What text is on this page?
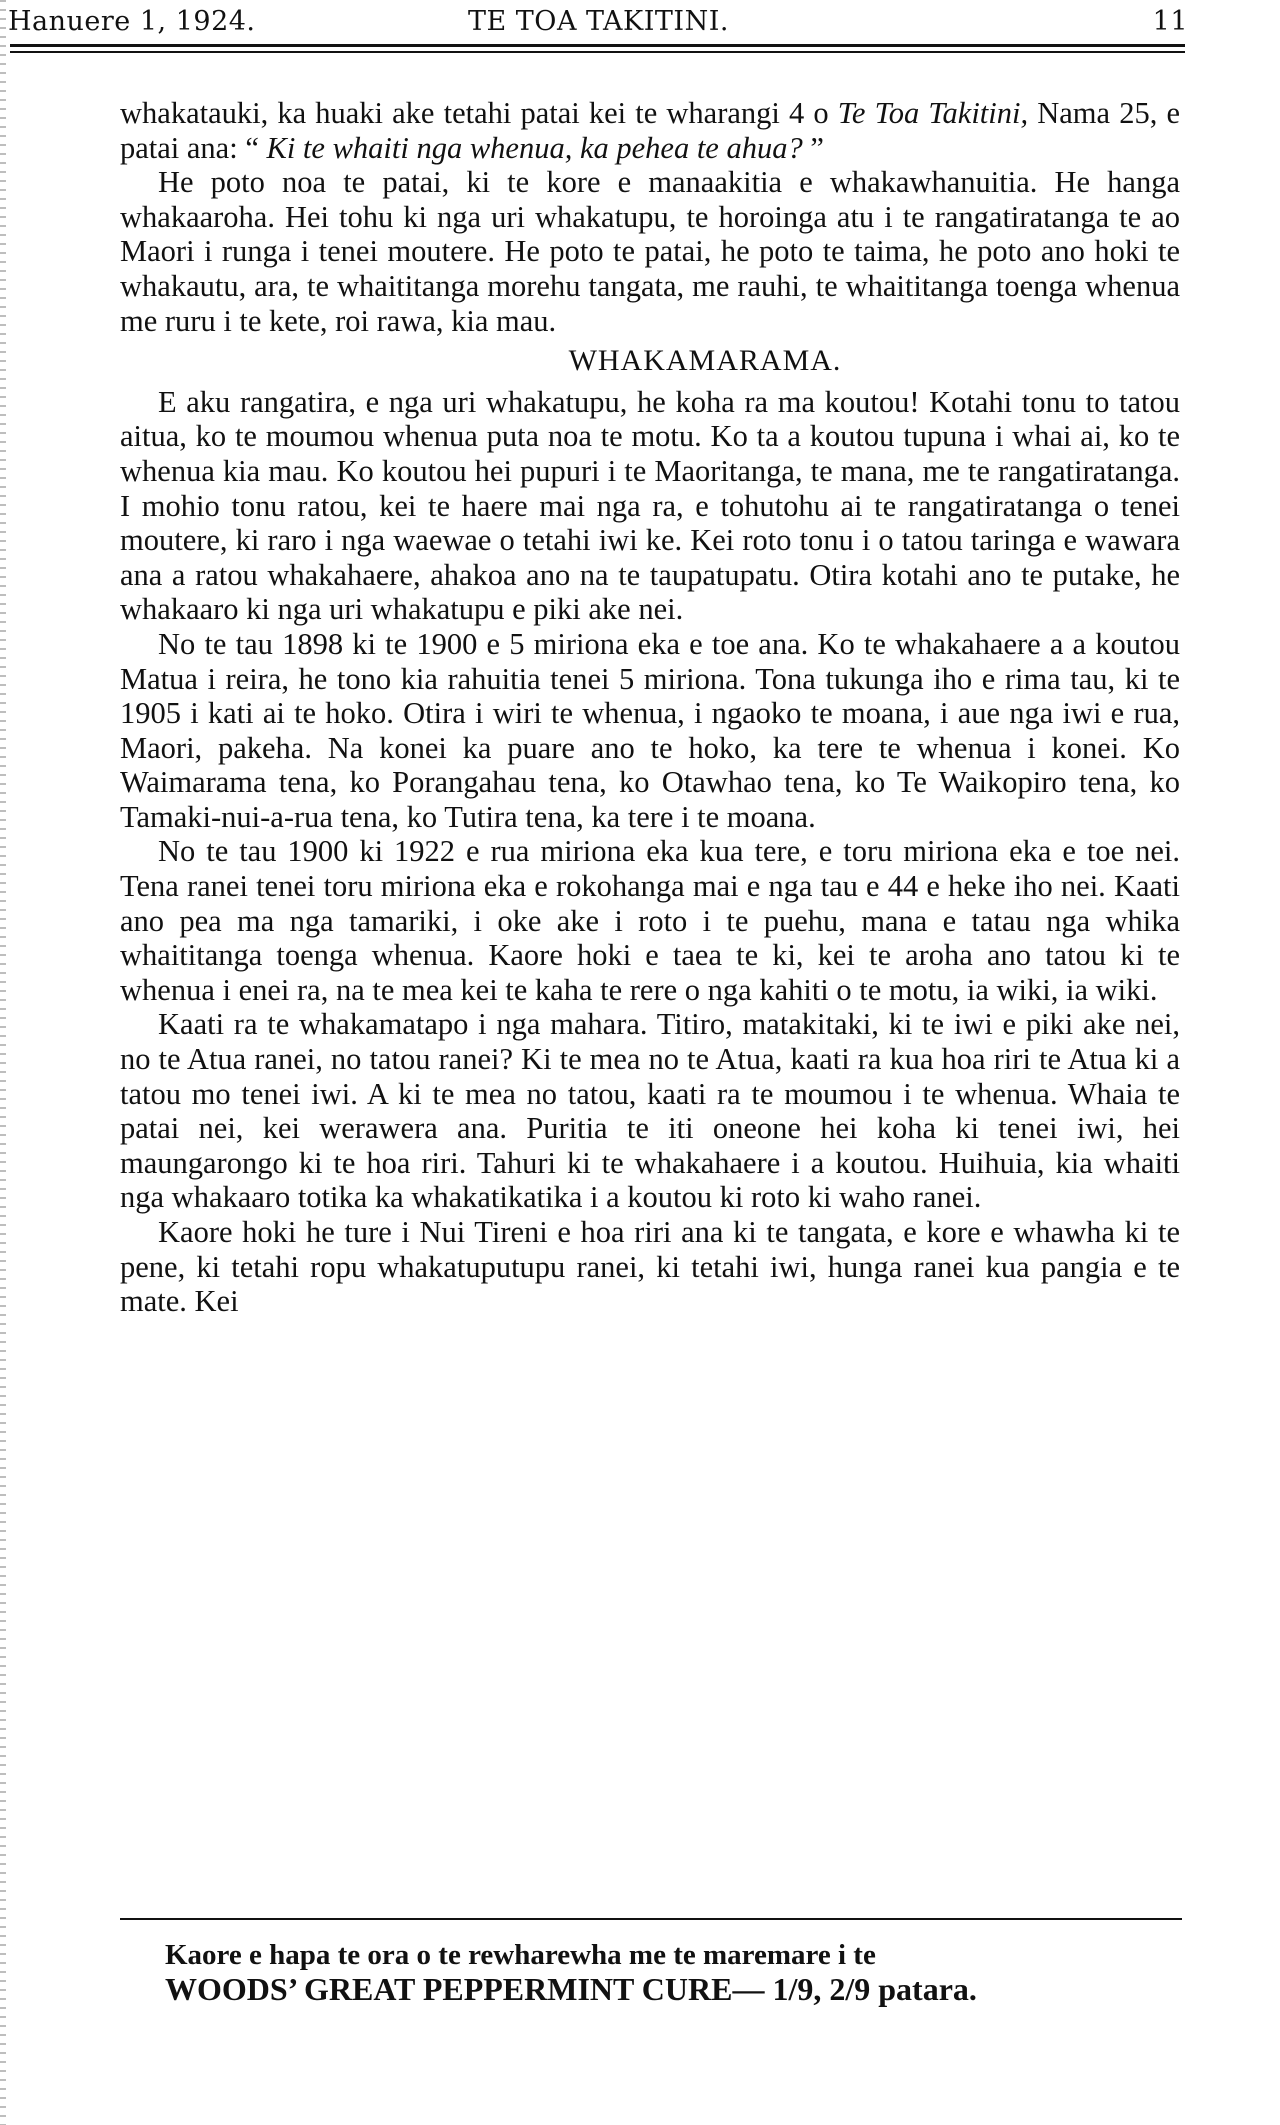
Hanuere 1, 1924.	TE TOA TAKITINI.	11

whakatauki, ka huaki ake tetahi patai kei te wharangi 4 o Te Toa Takitini, Nama 25, e patai ana: “ Ki te whaiti nga whenua, ka pehea te ahua? ”

He poto noa te patai, ki te kore e manaakitia e whakawhanuitia. He hanga whakaaroha. Hei tohu ki nga uri whakatupu, te horoinga atu i te rangatiratanga te ao Maori i runga i tenei moutere. He poto te patai, he poto te taima, he poto ano hoki te whakautu, ara, te whaititanga morehu tangata, me rauhi, te whaititanga toenga whenua me ruru i te kete, roi rawa, kia mau.

WHAKAMARAMA.

E aku rangatira, e nga uri whakatupu, he koha ra ma koutou! Kotahi tonu to tatou aitua, ko te moumou whenua puta noa te motu. Ko ta a koutou tupuna i whai ai, ko te whenua kia mau. Ko koutou hei pupuri i te Maoritanga, te mana, me te rangatiratanga. I mohio tonu ratou, kei te haere mai nga ra, e tohutohu ai te rangatiratanga o tenei moutere, ki raro i nga waewae o tetahi iwi ke. Kei roto tonu i o tatou taringa e wawara ana a ratou whakahaere, ahakoa ano na te taupatupatu. Otira kotahi ano te putake, he whakaaro ki nga uri whakatupu e piki ake nei.

No te tau 1898 ki te 1900 e 5 miriona eka e toe ana. Ko te whakahaere a a koutou Matua i reira, he tono kia rahuitia tenei 5 miriona. Tona tukunga iho e rima tau, ki te 1905 i kati ai te hoko. Otira i wiri te whenua, i ngaoko te moana, i aue nga iwi e rua, Maori, pakeha. Na konei ka puare ano te hoko, ka tere te whenua i konei. Ko Waimarama tena, ko Porangahau tena, ko Otawhao tena, ko Te Waikopiro tena, ko Tamaki-nui-a-rua tena, ko Tutira tena, ka tere i te moana.

No te tau 1900 ki 1922 e rua miriona eka kua tere, e toru miriona eka e toe nei. Tena ranei tenei toru miriona eka e rokohanga mai e nga tau e 44 e heke iho nei. Kaati ano pea ma nga tamariki, i oke ake i roto i te puehu, mana e tatau nga whika whaititanga toenga whenua. Kaore hoki e taea te ki, kei te aroha ano tatou ki te whenua i enei ra, na te mea kei te kaha te rere o nga kahiti o te motu, ia wiki, ia wiki.

Kaati ra te whakamatapo i nga mahara. Titiro, matakitaki, ki te iwi e piki ake nei, no te Atua ranei, no tatou ranei? Ki te mea no te Atua, kaati ra kua hoa riri te Atua ki a tatou mo tenei iwi. A ki te mea no tatou, kaati ra te moumou i te whenua. Whaia te patai nei, kei werawera ana. Puritia te iti oneone hei koha ki tenei iwi, hei maungarongo ki te hoa riri. Tahuri ki te whakahaere i a koutou. Huihuia, kia whaiti nga whakaaro totika ka whakatikatika i a koutou ki roto ki waho ranei.

Kaore hoki he ture i Nui Tireni e hoa riri ana ki te tangata, e kore e whawha ki te pene, ki tetahi ropu whakatuputupu ranei, ki tetahi iwi, hunga ranei kua pangia e te mate. Kei

Kaore e hapa te ora o te rewharewha me te maremare i te
WOODS’ GREAT PEPPERMINT CURE— 1/9, 2/9 patara.
